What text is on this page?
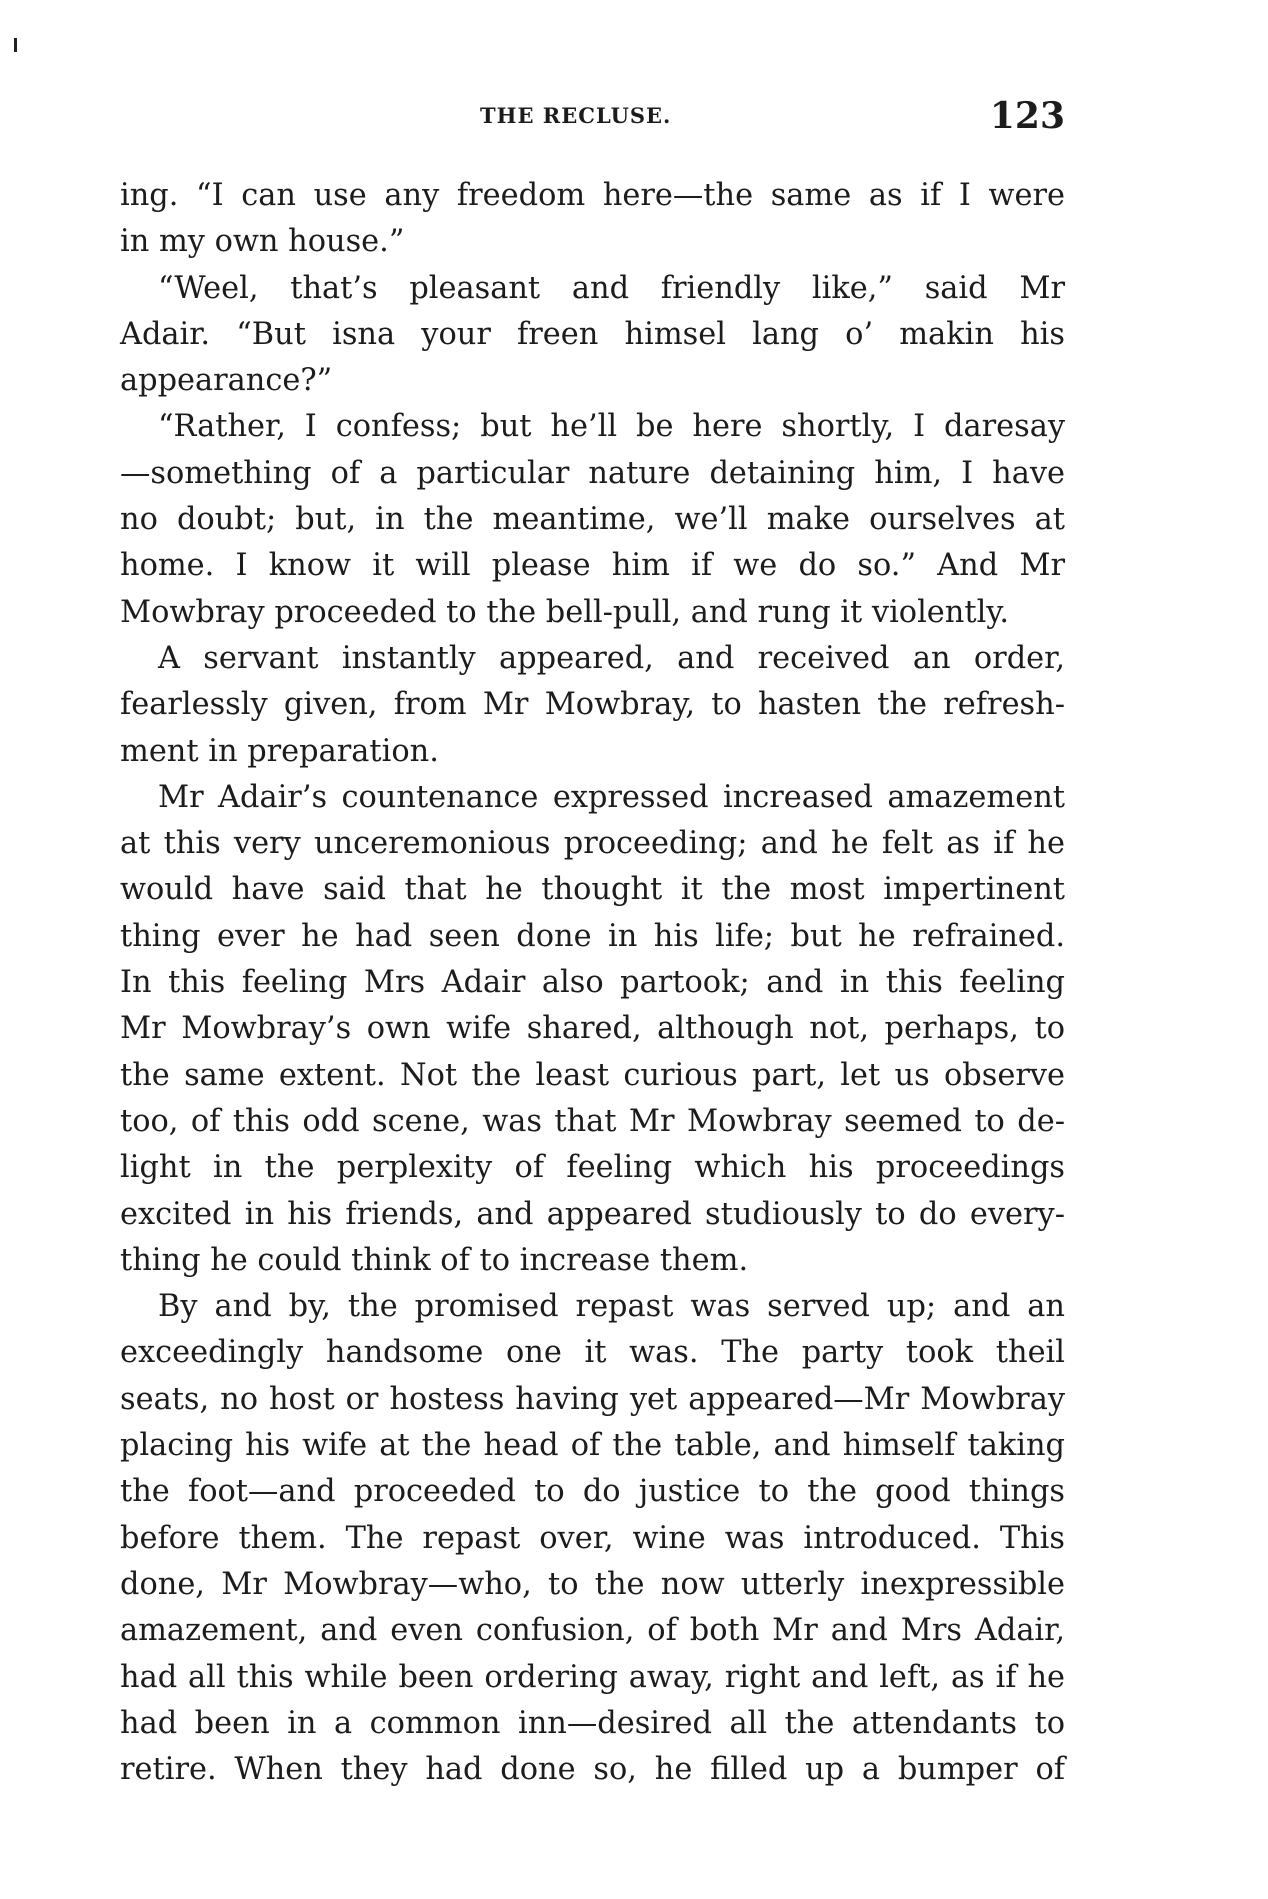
THE RECLUSE.	123
ing. “I can use any freedom here—the same as if I were
in my own house.”
“Weel, that’s pleasant and friendly like,” said Mr
Adair. “But isna your freen himsel lang o’ makin his
appearance?”
“Rather, I confess; but he’ll be here shortly, I daresay
—something of a particular nature detaining him, I have
no doubt; but, in the meantime, we’ll make ourselves at
home. I know it will please him if we do so.” And Mr
Mowbray proceeded to the bell-pull, and rung it violently.
A servant instantly appeared, and received an order,
fearlessly given, from Mr Mowbray, to hasten the refresh-
ment in preparation.
Mr Adair’s countenance expressed increased amazement
at this very unceremonious proceeding; and he felt as if he
would have said that he thought it the most impertinent
thing ever he had seen done in his life; but he refrained.
In this feeling Mrs Adair also partook; and in this feeling
Mr Mowbray’s own wife shared, although not, perhaps, to
the same extent. Not the least curious part, let us observe
too, of this odd scene, was that Mr Mowbray seemed to de-
light in the perplexity of feeling which his proceedings
excited in his friends, and appeared studiously to do every-
thing he could think of to increase them.
By and by, the promised repast was served up; and an
exceedingly handsome one it was. The party took theil
seats, no host or hostess having yet appeared—Mr Mowbray
placing his wife at the head of the table, and himself taking
the foot—and proceeded to do justice to the good things
before them. The repast over, wine was introduced. This
done, Mr Mowbray—who, to the now utterly inexpressible
amazement, and even confusion, of both Mr and Mrs Adair,
had all this while been ordering away, right and left, as if he
had been in a common inn—desired all the attendants to
retire. When they had done so, he filled up a bumper of
